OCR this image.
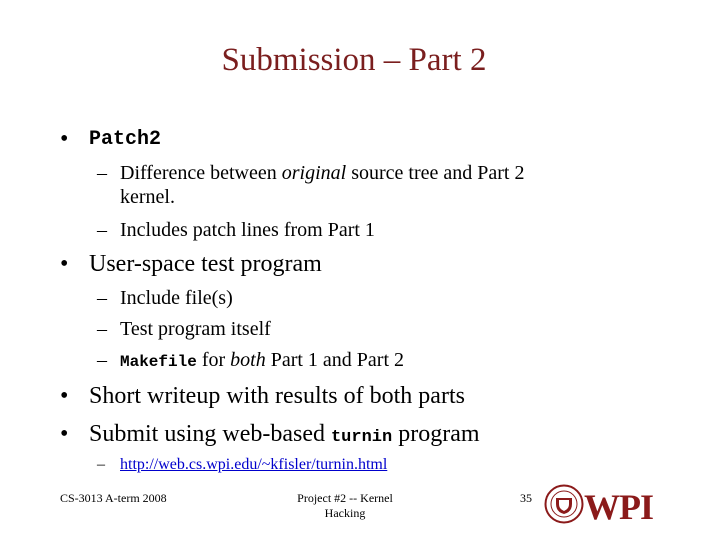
Submission – Part 2
• Patch2
– Difference between original source tree and Part 2
kernel.
– Includes patch lines from Part 1
• User-space test program
– Include file(s)
– Test program itself
– Makefile for both Part 1 and Part 2
• Short writeup with results of both parts
• Submit using web-based turnin program
– http://web.cs.wpi.edu/~kfisler/turnin.html
CS-3013 A-term 2008	Project #2 -- Kernel
Hacking
35 WPI
